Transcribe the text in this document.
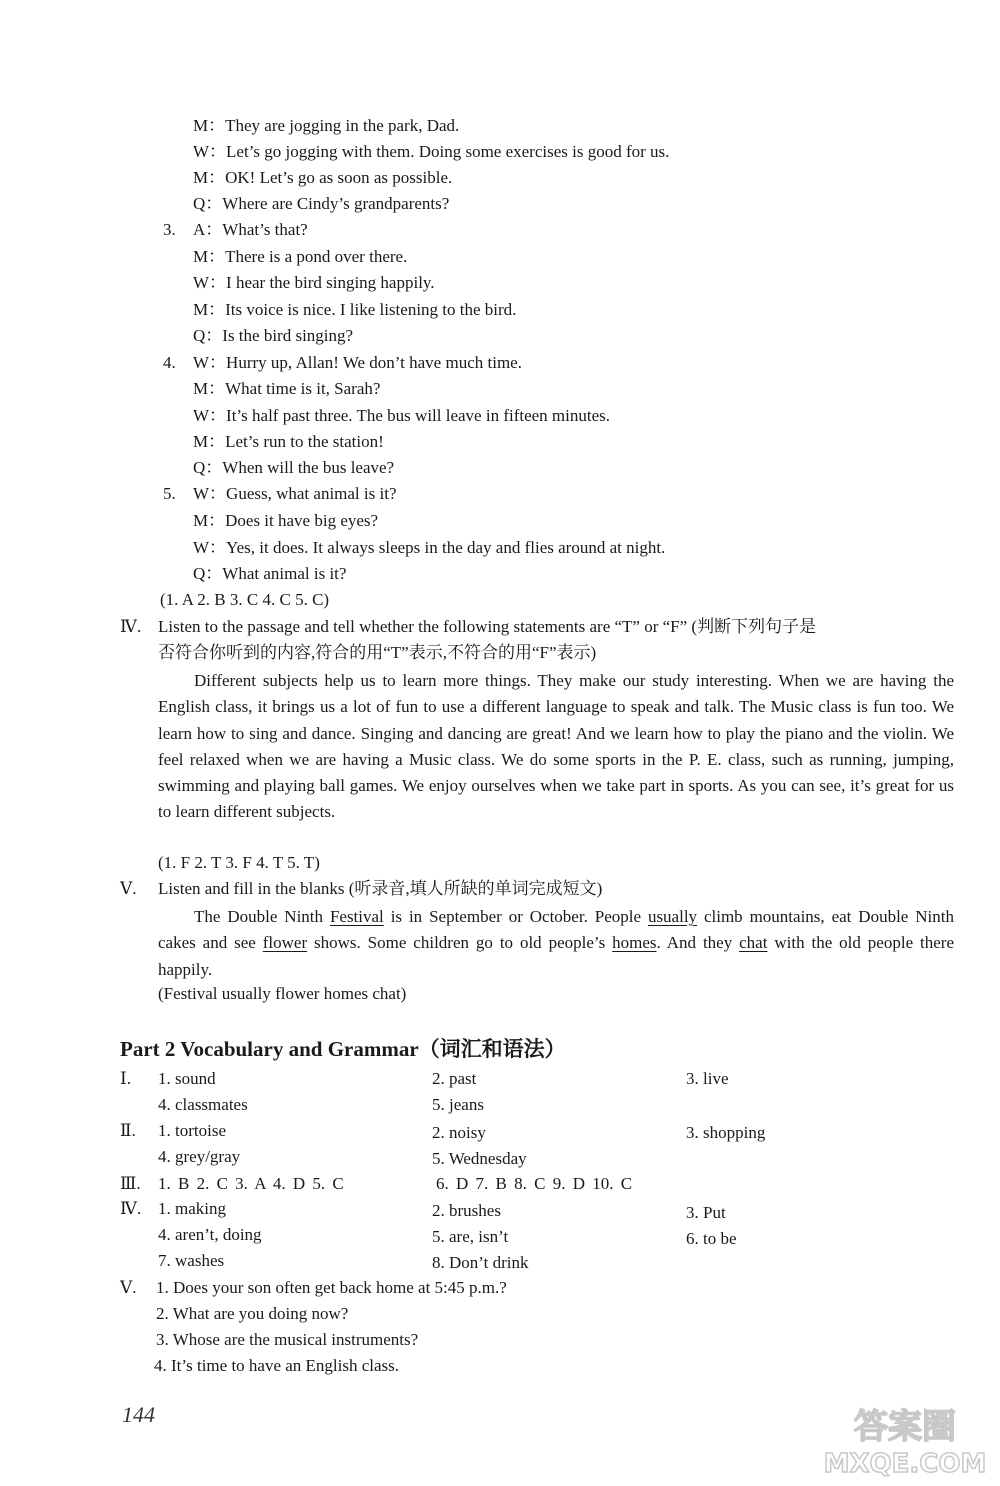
M：They are jogging in the park, Dad.
W：Let’s go jogging with them. Doing some exercises is good for us.
M：OK! Let’s go as soon as possible.
Q：Where are Cindy’s grandparents?
3. A：What’s that?
M：There is a pond over there.
W：I hear the bird singing happily.
M：Its voice is nice. I like listening to the bird.
Q：Is the bird singing?
4. W：Hurry up, Allan! We don’t have much time.
M：What time is it, Sarah?
W：It’s half past three. The bus will leave in fifteen minutes.
M：Let’s run to the station!
Q：When will the bus leave?
5. W：Guess, what animal is it?
M：Does it have big eyes?
W：Yes, it does. It always sleeps in the day and flies around at night.
Q：What animal is it?
(1. A 2. B 3. C 4. C 5. C)
Ⅳ. Listen to the passage and tell whether the following statements are “T” or “F” (判断下列句子是
否符合你听到的内容,符合的用“T”表示,不符合的用“F”表示)
Different subjects help us to learn more things. They make our study interesting. When we are having the English class, it brings us a lot of fun to use a different language to speak and talk. The Music class is fun too. We learn how to sing and dance. Singing and dancing are great! And we learn how to play the piano and the violin. We feel relaxed when we are having a Music class. We do some sports in the P. E. class, such as running, jumping, swimming and playing ball games. We enjoy ourselves when we take part in sports. As you can see, it’s great for us to learn different subjects.
(1. F 2. T 3. F 4. T 5. T)
Ⅴ. Listen and fill in the blanks (听录音,填人所缺的单词完成短文)
The Double Ninth Festival is in September or October. People usually climb mountains, eat Double Ninth cakes and see flower shows. Some children go to old people’s homes. And they chat with the old people there happily.
(Festival usually flower homes chat)
Part 2 Vocabulary and Grammar（词汇和语法）
Ⅰ. 1. sound	2. past	3. live
4. classmates	5. jeans
Ⅱ. 1. tortoise	2. noisy	3. shopping
4. grey/gray	5. Wednesday
Ⅲ. 1. B 2. C 3. A 4. D 5. C	6. D 7. B 8. C 9. D 10. C
Ⅳ. 1. making	2. brushes	3. Put
4. aren’t, doing	5. are, isn’t	6. to be
7. washes	8. Don’t drink
Ⅴ. 1. Does your son often get back home at 5:45 p.m.?
2. What are you doing now?
3. Whose are the musical instruments?
4. It’s time to have an English class.
144	答案圈
MXQE.COM
